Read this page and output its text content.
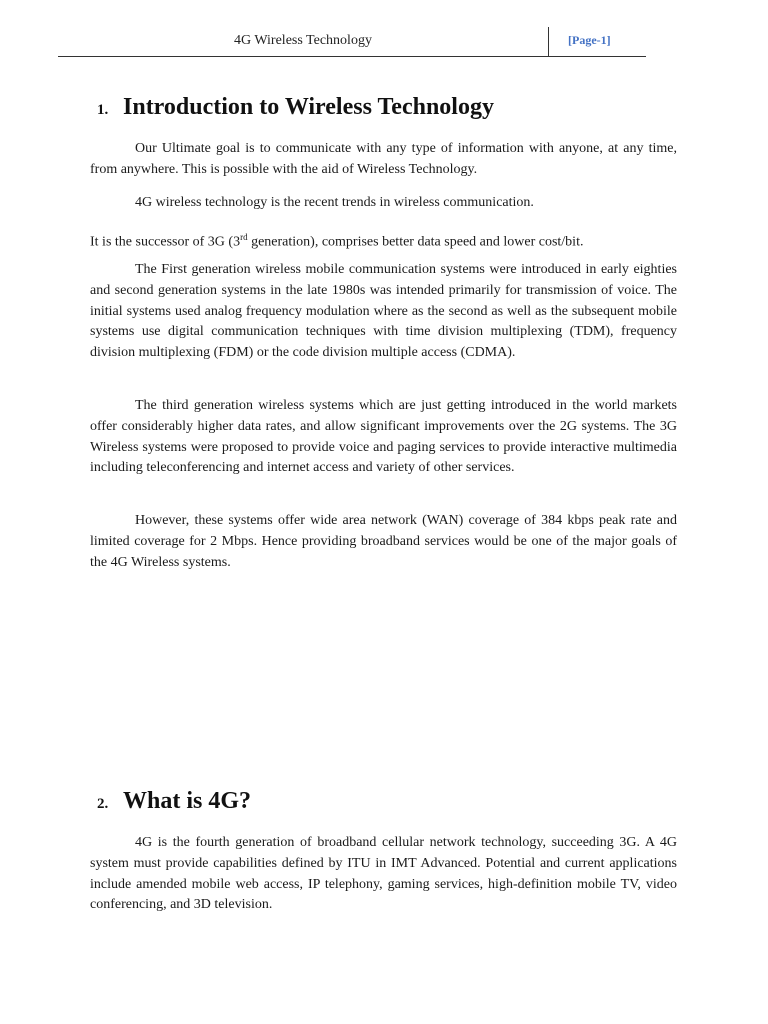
4G Wireless Technology	[Page-1]
1. Introduction to Wireless Technology

Our Ultimate goal is to communicate with any type of information with anyone, at any time, from anywhere. This is possible with the aid of Wireless Technology.

4G wireless technology is the recent trends in wireless communication.

It is the successor of 3G (3rd generation), comprises better data speed and lower cost/bit.

The First generation wireless mobile communication systems were introduced in early eighties and second generation systems in the late 1980s was intended primarily for transmission of voice. The initial systems used analog frequency modulation where as the second as well as the subsequent mobile systems use digital communication techniques with time division multiplexing (TDM), frequency division multiplexing (FDM) or the code division multiple access (CDMA).

The third generation wireless systems which are just getting introduced in the world markets offer considerably higher data rates, and allow significant improvements over the 2G systems. The 3G Wireless systems were proposed to provide voice and paging services to provide interactive multimedia including teleconferencing and internet access and variety of other services.

However, these systems offer wide area network (WAN) coverage of 384 kbps peak rate and limited coverage for 2 Mbps. Hence providing broadband services would be one of the major goals of the 4G Wireless systems.

2. What is 4G?

4G is the fourth generation of broadband cellular network technology, succeeding 3G. A 4G system must provide capabilities defined by ITU in IMT Advanced. Potential and current applications include amended mobile web access, IP telephony, gaming services, high-definition mobile TV, video conferencing, and 3D television.
